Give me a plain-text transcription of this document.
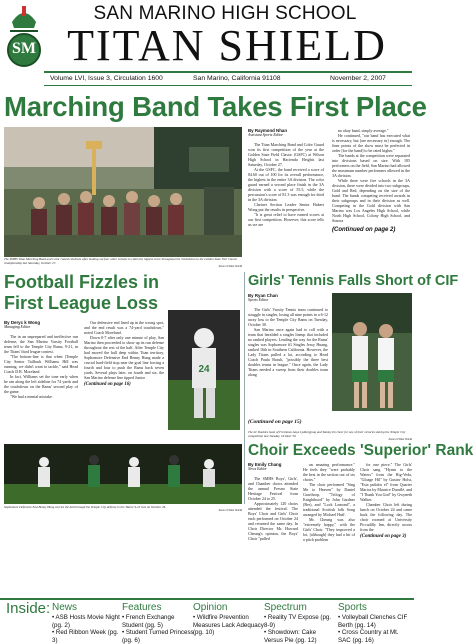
SM
SAN MARINO HIGH SCHOOL
TITAN SHIELD
Volume LVI, Issue 3, Circulation 1600	San Marino, California 91108	November 2, 2007
Marching Band Takes First Place
The SMHS Titan Marching Band and Color Guard celebrate after beating out four other schools to claim the highest score throughout the 3A division in the Golden State Fall Classic championship last Saturday, October 27.
Jason Li/Titan Shield
By Raymond Nhan
Assistant Sports Editor

The Titan Marching Band and Color Guard won its first competition of the year at the Golden State Field Classic (GSFC) at Wilson High School in Hacienda Heights last Saturday, October 27.

At the GSFC, the band received a score of 84.60 out of 100 for its overall performance, the highest in the entire 3A division. The color guard earned a second place finish in the 3A division with a score of 55.5, while the percussion's score of 81.3 was enough for third in the 3A division.

Clarinet Section Leader Senior Hubert Wong put the results in perspective.

"It is great relief to have earned scores at our first competition. However, this score tells us we are

no okay band, simply average."

He continued, "our band has executed what is necessary, but [are necessary in] enough. The finer points of the show must be perfected in order [for the band] to be rated higher."

The bands at the competition were separated into divisions based on size. With 185 performers on the field, San Marino had allowed the maximum number performers allowed in the 3A division.

While there were five schools in the 3A division, there were divided into two subgroups, Gold and Red, depending on the size of the band. The bands competing received awards in their subgroups and in their division as well. Competing in the Gold division with San Marino was Los Angeles High School, while North High School, Colony High School, and Sonora

(Continued on page 2)
Football Fizzles in
First League Loss
By Deryc k Wong
Managing Editor

The in an unprepared and ineffective run defense, the San Marino Varsity Football team fell to the Temple City Rams, 9-21, in the Titans' third league contest.

"The bottom-line is that when [Temple City Senior Tailback Williams Hill was running, we didn't want to tackle," said Head Coach D.R. Moreland.

In fact, Williams set the tone early when he ran along the left sideline for 74 yards and the touchdown on the Rams' second play of the game.

"We had a mental mistake.

Our defensive end lined up in the wrong spot, and the end result was a 74-yard touchdown," noted Coach Moreland.

Down 0-7 after only one minute of play, San Marino then proceeded to show up its run defense throughout the rest of the half. After Temple City had moved the ball deep within Titan territory, Sophomore Defensive End Benny Hung made a crucial hard-field stop near the goal line forcing a fourth and four to push the Rams back seven yards. Several plays later, on fourth and six, the San Marino defense line tipped Junior

(Continued on page 16)
24
Sophomore Defensive End Benny Hung carries the ball through the Temple City defense in the Titans' 9-21 loss on October 26.
Jason Li/Titan Shield
Girls' Tennis Falls Short of CIF
By Ryan Chan
Sports Editor

The Girls' Varsity Tennis team continued to struggle in singles, losing all nine points in a 6-12 away loss to the Temple City Rams on Tuesday, October 30.

San Marino once again had to roll with a team that heralded a singles lineup that included no ranked players. Leading the way for the Rams' singles was Sophomore #1 Singles Jessy Huang, ranked 16th in Southern California. However, the Lady Titans pulled a lot, according to Head Coach Paula Brault, "possibly the three best doubles teams in league." Once again, the Lady Titans needed a sweep from their doubles team along

The #1 Doubles team of Freshmen Anya Lydbergjung and Tammy Im cheer for one of their victories during the Temple City competition last Tuesday, October 30.
Jason Li/Titan Shield
(Continued on page 15)
Choir Exceeds 'Superior' Rank
By Emily Chang
News Editor

The SMHS Boys', Girls', and Chamber choirs attended the annual Fresno State Heritage Festival from October 24 to 25.

Approximately 120 choirs attended the festival. The Boys' Choir and Girls' Choir each performed on October 24 and returned the same day. In Choir Director Mr. Howard Cheung's opinion, the Boys' Choir "pulled

an amazing performance." He feels they "were probably the best in the section out of six choirs."

The choir performed "Sing Me to Heaven" by Daniel Gawthrop, "Trilogy of Knighthood" by John Gardner (Ber), and "Lock Lomond", a traditional Scottish folk Song arranged by Michael Huff.

Mr. Cheung was also "extremely happy," with the Girls' Choir. "They improved a lot, [although] they had a bit of a pitch problem

for one piece." The Girls' Choir sang "Hymn to the Waters" from the Rig-Veda, "Gloage Hil" by Gustav Holst, "Esta pulidos el" from Quarter Marios by Maurice Duruflé, and "I Thank You God" by Gwyneth Walker.

Chamber Choir left during lunch on October 24 and came back the following day. The choir roomed at University Piccadilly Inn, directly across from the

(Continued on page 3)
Inside: News
• ASB Hosts Movie Night (pg. 2)
• Red Ribbon Week (pg. 3)
Features
• French Exchange Student (pg. 5)
• Student Turned Princess (pg. 6)
Opinion
• Wildfire Prevention Measures Lack Adequacy (pg. 10)
Spectrum
• Reality TV Expose (pg. 8-9)
• Showdown: Cake Versus Pie (pg. 12)
Sports
• Volleyball Clenches CIF Berth (pg. 14)
• Cross Country at Mt. SAC (pg. 16)
